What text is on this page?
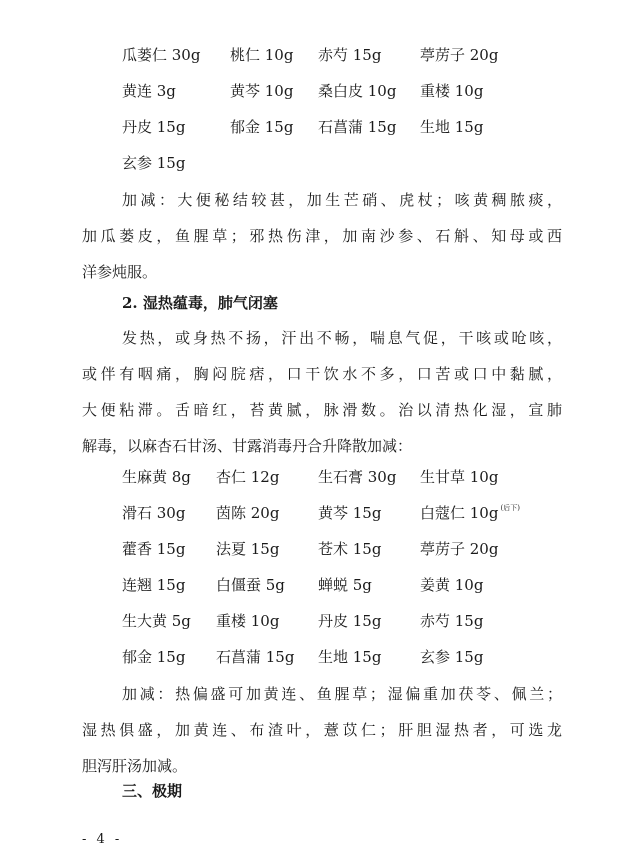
瓜蒌仁 30g 桃仁 10g 赤芍 15g	葶苈子 20g
黄连 3g	黄芩 10g 桑白皮 10g 重楼 10g
丹皮 15g	郁金 15g 石菖蒲 15g 生地 15g
玄参 15g
加减：大便秘结较甚，加生芒硝、虎杖；咳黄稠脓痰，
加瓜蒌皮，鱼腥草；邪热伤津，加南沙参、石斛、知母或西
洋参炖服。
2. 湿热蕴毒，肺气闭塞
发热，或身热不扬，汗出不畅，喘息气促，干咳或呛咳，
或伴有咽痛，胸闷脘痞，口干饮水不多，口苦或口中黏腻，
大便粘滞。舌暗红，苔黄腻，脉滑数。治以清热化湿，宣肺
解毒，以麻杏石甘汤、甘露消毒丹合升降散加减：
生麻黄 8g 杏仁 12g	生石膏 30g 生甘草 10g
滑石 30g 茵陈 20g	黄芩 15g	白蔻仁 10g $^{(后下)}$
藿香 15g 法夏 15g	苍术 15g	葶苈子 20g
连翘 15g 白僵蚕 5g 蝉蜕 5g	姜黄 10g
生大黄 5g 重楼 10g	丹皮 15g	赤芍 15g
郁金 15g 石菖蒲 15g 生地 15g	玄参 15g
加减：热偏盛可加黄连、鱼腥草；湿偏重加茯苓、佩兰；
湿热俱盛，加黄连、布渣叶，薏苡仁；肝胆湿热者，可选龙
胆泻肝汤加减。
三、极期
- 4 -
